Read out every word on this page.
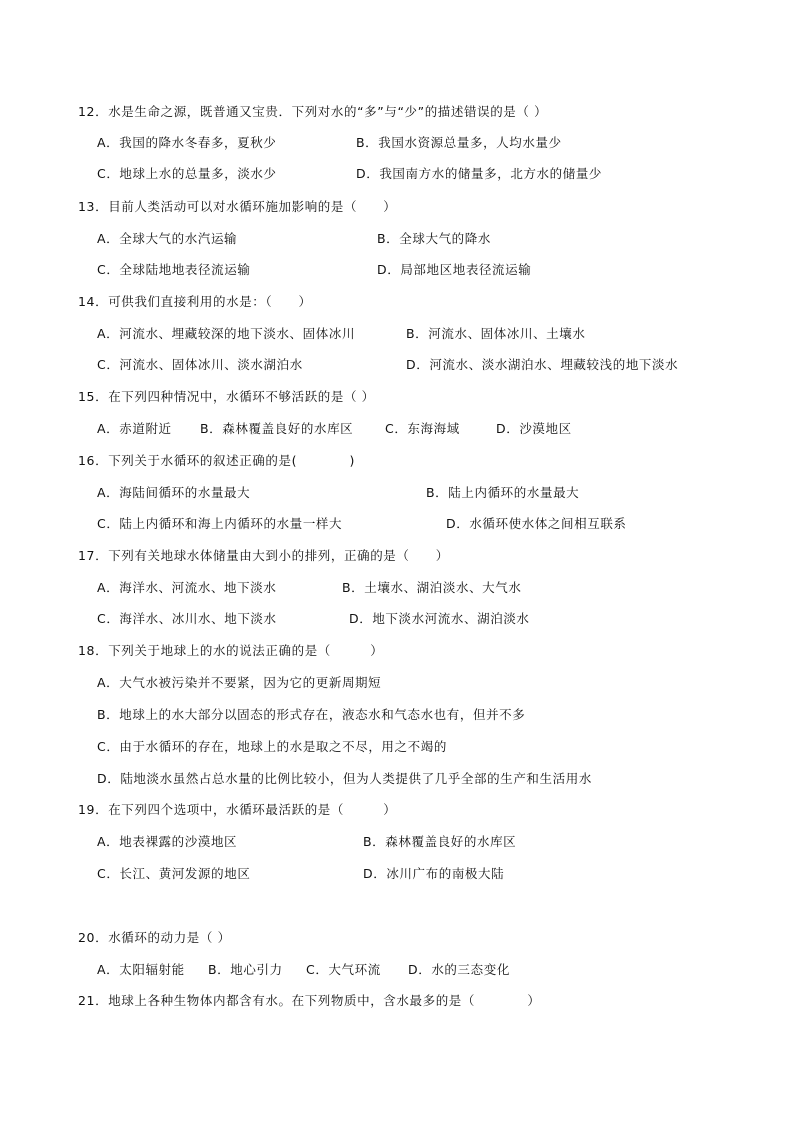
12．水是生命之源，既普通又宝贵．下列对水的“多”与“少”的描述错误的是（ ）
A．我国的降水冬春多，夏秋少	B．我国水资源总量多，人均水量少
C．地球上水的总量多，淡水少	D．我国南方水的储量多，北方水的储量少
13．目前人类活动可以对水循环施加影响的是（　　）
A．全球大气的水汽运输	B．全球大气的降水
C．全球陆地地表径流运输	D．局部地区地表径流运输
14．可供我们直接利用的水是：（　　）
A．河流水、埋藏较深的地下淡水、固体冰川	B．河流水、固体冰川、土壤水
C．河流水、固体冰川、淡水湖泊水	D．河流水、淡水湖泊水、埋藏较浅的地下淡水
15．在下列四种情况中，水循环不够活跃的是（ ）
A．赤道附近 B．森林覆盖良好的水库区	C．东海海域	D．沙漠地区
16．下列关于水循环的叙述正确的是(　　　　)
A．海陆间循环的水量最大	B．陆上内循环的水量最大
C．陆上内循环和海上内循环的水量一样大	D．水循环使水体之间相互联系
17．下列有关地球水体储量由大到小的排列，正确的是（　　）
A．海洋水、河流水、地下淡水	B．土壤水、湖泊淡水、大气水
C．海洋水、冰川水、地下淡水	D．地下淡水河流水、湖泊淡水
18．下列关于地球上的水的说法正确的是（　　　）
A．大气水被污染并不要紧，因为它的更新周期短
B．地球上的水大部分以固态的形式存在，液态水和气态水也有，但并不多
C．由于水循环的存在，地球上的水是取之不尽，用之不竭的
D．陆地淡水虽然占总水量的比例比较小，但为人类提供了几乎全部的生产和生活用水
19．在下列四个选项中，水循环最活跃的是（　　　）
A．地表裸露的沙漠地区	B．森林覆盖良好的水库区
C．长江、黄河发源的地区	D．冰川广布的南极大陆
20．水循环的动力是（ ）
A．太阳辐射能 B．地心引力 C．大气环流 D．水的三态变化
21．地球上各种生物体内都含有水。在下列物质中，含水最多的是（　　　　）
